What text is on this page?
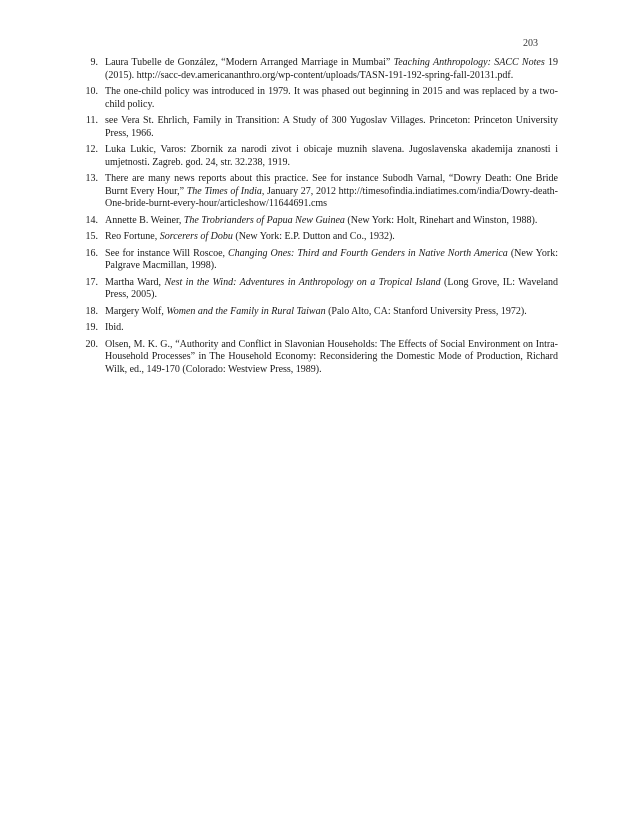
203
9. Laura Tubelle de González, “Modern Arranged Marriage in Mumbai” Teaching Anthropology: SACC Notes 19 (2015). http://sacc-dev.americananthro.org/wp-content/uploads/TASN-191-192-spring-fall-20131.pdf.
10. The one-child policy was introduced in 1979. It was phased out beginning in 2015 and was replaced by a two-child policy.
11. see Vera St. Ehrlich, Family in Transition: A Study of 300 Yugoslav Villages. Princeton: Princeton University Press, 1966.
12. Luka Lukic, Varos: Zbornik za narodi zivot i obicaje muznih slavena. Jugoslavenska akademija znanosti i umjetnosti. Zagreb. god. 24, str. 32.238, 1919.
13. There are many news reports about this practice. See for instance Subodh Varnal, “Dowry Death: One Bride Burnt Every Hour,” The Times of India, January 27, 2012 http://timesofindia.indiatimes.com/india/Dowry-death-One-bride-burnt-every-hour/articleshow/11644691.cms
14. Annette B. Weiner, The Trobrianders of Papua New Guinea (New York: Holt, Rinehart and Winston, 1988).
15. Reo Fortune, Sorcerers of Dobu (New York: E.P. Dutton and Co., 1932).
16. See for instance Will Roscoe, Changing Ones: Third and Fourth Genders in Native North America (New York: Palgrave Macmillan, 1998).
17. Martha Ward, Nest in the Wind: Adventures in Anthropology on a Tropical Island (Long Grove, IL: Waveland Press, 2005).
18. Margery Wolf, Women and the Family in Rural Taiwan (Palo Alto, CA: Stanford University Press, 1972).
19. Ibid.
20. Olsen, M. K. G., “Authority and Conflict in Slavonian Households: The Effects of Social Environment on Intra-Household Processes” in The Household Economy: Reconsidering the Domestic Mode of Production, Richard Wilk, ed., 149-170 (Colorado: Westview Press, 1989).
